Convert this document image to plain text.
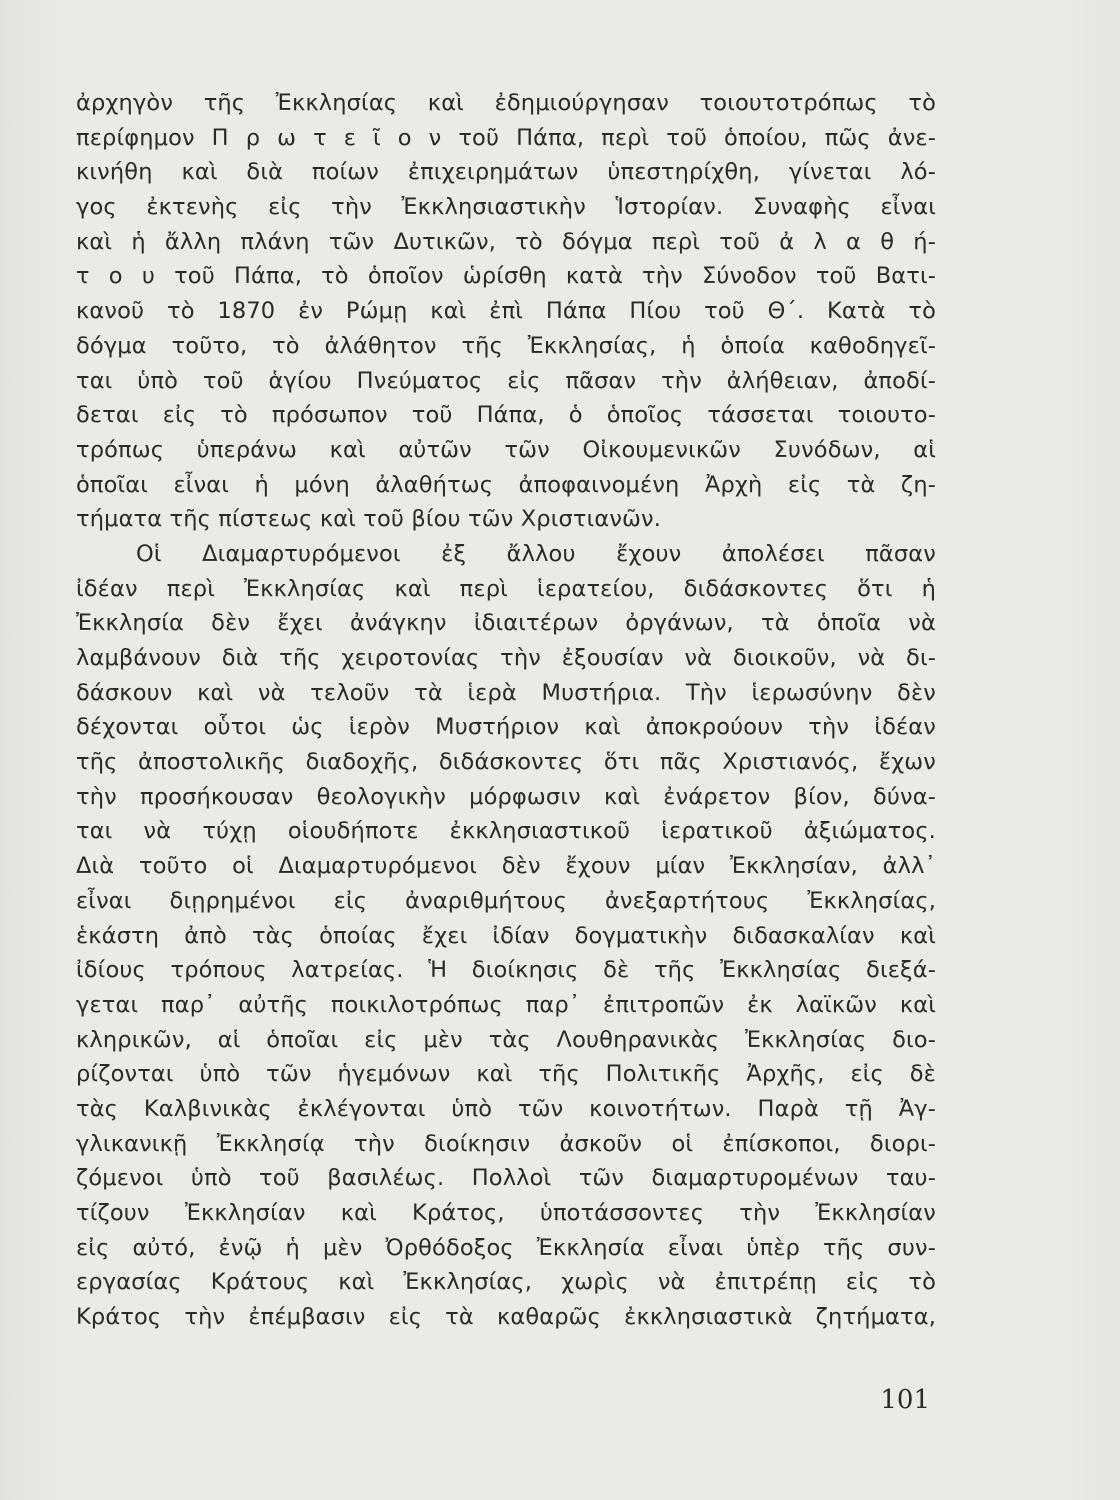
ἀρχηγὸν τῆς Ἐκκλησίας καὶ ἐδημιούργησαν τοιουτοτρόπως τὸ
περίφημον Π ρ ω τ ε ῖ ο ν τοῦ Πάπα, περὶ τοῦ ὁποίου, πῶς ἀνε-
κινήθη καὶ διὰ ποίων ἐπιχειρημάτων ὑπεστηρίχθη, γίνεται λό-
γος ἐκτενὴς εἰς τὴν Ἐκκλησιαστικὴν Ἱστορίαν. Συναφὴς εἶναι
καὶ ἡ ἄλλη πλάνη τῶν Δυτικῶν, τὸ δόγμα περὶ τοῦ ἀ λ α θ ή-
τ ο υ τοῦ Πάπα, τὸ ὁποῖον ὡρίσθη κατὰ τὴν Σύνοδον τοῦ Βατι-
κανοῦ τὸ 1870 ἐν Ρώμῃ καὶ ἐπὶ Πάπα Πίου τοῦ Θ΄. Κατὰ τὸ
δόγμα τοῦτο, τὸ ἀλάθητον τῆς Ἐκκλησίας, ἡ ὁποία καθοδηγεῖ-
ται ὑπὸ τοῦ ἁγίου Πνεύματος εἰς πᾶσαν τὴν ἀλήθειαν, ἀποδί-
δεται εἰς τὸ πρόσωπον τοῦ Πάπα, ὁ ὁποῖος τάσσεται τοιουτο-
τρόπως ὑπεράνω καὶ αὐτῶν τῶν Οἰκουμενικῶν Συνόδων, αἱ
ὁποῖαι εἶναι ἡ μόνη ἀλαθήτως ἀποφαινομένη Ἀρχὴ εἰς τὰ ζη-
τήματα τῆς πίστεως καὶ τοῦ βίου τῶν Χριστιανῶν.
Οἱ Διαμαρτυρόμενοι ἐξ ἄλλου ἔχουν ἀπολέσει πᾶσαν
ἰδέαν περὶ Ἐκκλησίας καὶ περὶ ἱερατείου, διδάσκοντες ὅτι ἡ
Ἐκκλησία δὲν ἔχει ἀνάγκην ἰδιαιτέρων ὀργάνων, τὰ ὁποῖα νὰ
λαμβάνουν διὰ τῆς χειροτονίας τὴν ἐξουσίαν νὰ διοικοῦν, νὰ δι-
δάσκουν καὶ νὰ τελοῦν τὰ ἱερὰ Μυστήρια. Τὴν ἱερωσύνην δὲν
δέχονται οὗτοι ὡς ἱερὸν Μυστήριον καὶ ἀποκρούουν τὴν ἰδέαν
τῆς ἀποστολικῆς διαδοχῆς, διδάσκοντες ὅτι πᾶς Χριστιανός, ἔχων
τὴν προσήκουσαν θεολογικὴν μόρφωσιν καὶ ἐνάρετον βίον, δύνα-
ται νὰ τύχῃ οἱουδήποτε ἐκκλησιαστικοῦ ἱερατικοῦ ἀξιώματος.
Διὰ τοῦτο οἱ Διαμαρτυρόμενοι δὲν ἔχουν μίαν Ἐκκλησίαν, ἀλλ᾽
εἶναι διῃρημένοι εἰς ἀναριθμήτους ἀνεξαρτήτους Ἐκκλησίας,
ἑκάστη ἀπὸ τὰς ὁποίας ἔχει ἰδίαν δογματικὴν διδασκαλίαν καὶ
ἰδίους τρόπους λατρείας. Ἡ διοίκησις δὲ τῆς Ἐκκλησίας διεξά-
γεται παρ᾽ αὐτῆς ποικιλοτρόπως παρ᾽ ἐπιτροπῶν ἐκ λαϊκῶν καὶ
κληρικῶν, αἱ ὁποῖαι εἰς μὲν τὰς Λουθηρανικὰς Ἐκκλησίας διο-
ρίζονται ὑπὸ τῶν ἡγεμόνων καὶ τῆς Πολιτικῆς Ἀρχῆς, εἰς δὲ
τὰς Καλβινικὰς ἐκλέγονται ὑπὸ τῶν κοινοτήτων. Παρὰ τῇ Ἀγ-
γλικανικῇ Ἐκκλησίᾳ τὴν διοίκησιν ἀσκοῦν οἱ ἐπίσκοποι, διορι-
ζόμενοι ὑπὸ τοῦ βασιλέως. Πολλοὶ τῶν διαμαρτυρομένων ταυ-
τίζουν Ἐκκλησίαν καὶ Κράτος, ὑποτάσσοντες τὴν Ἐκκλησίαν
εἰς αὐτό, ἐνῷ ἡ μὲν Ὀρθόδοξος Ἐκκλησία εἶναι ὑπὲρ τῆς συν-
εργασίας Κράτους καὶ Ἐκκλησίας, χωρὶς νὰ ἐπιτρέπῃ εἰς τὸ
Κράτος τὴν ἐπέμβασιν εἰς τὰ καθαρῶς ἐκκλησιαστικὰ ζητήματα,
101
